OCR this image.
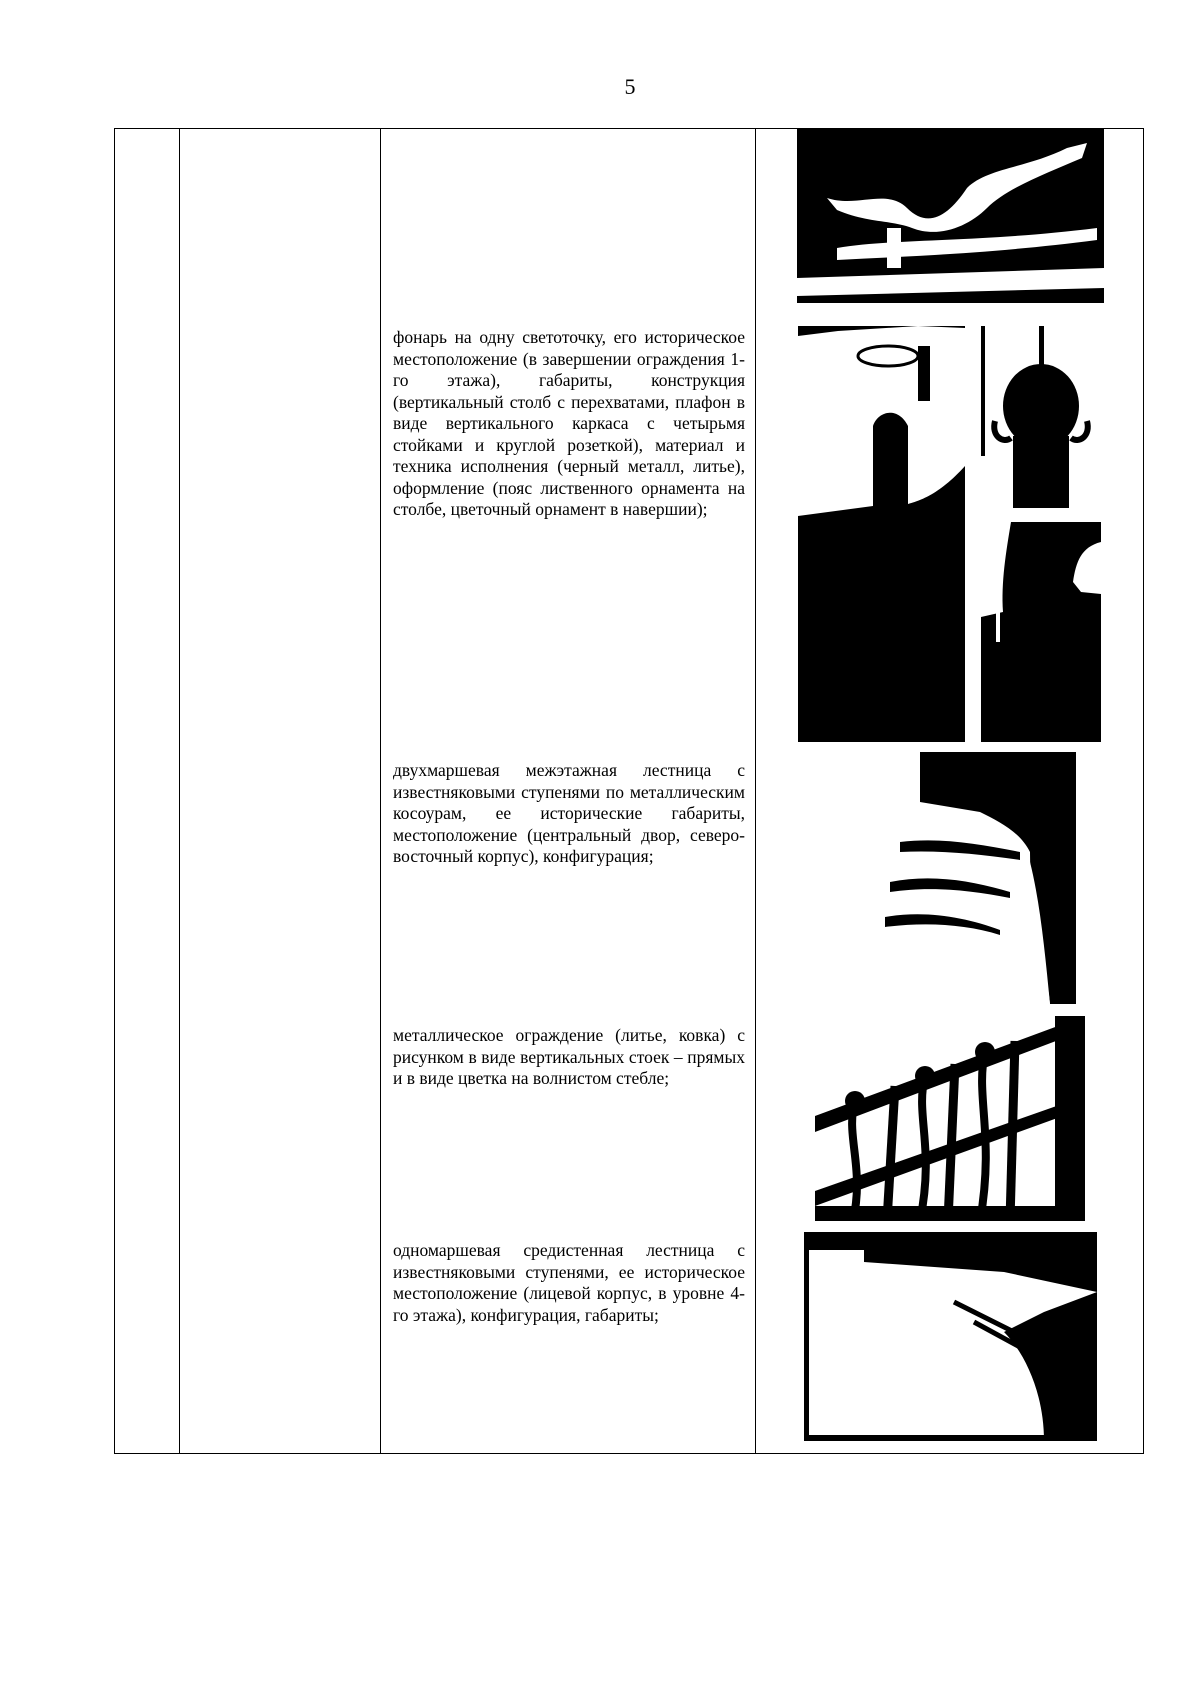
5

фонарь на одну светоточку, его историческое местоположение (в завершении ограждения 1-го этажа), габариты, конструкция (вертикальный столб с перехватами, плафон в виде вертикального каркаса с четырьмя стойками и круглой розеткой), материал и техника исполнения (черный металл, литье), оформление (пояс лиственного орнамента на столбе, цветочный орнамент в навершии);

двухмаршевая межэтажная лестница с известняковыми ступенями по металлическим косоурам, ее исторические габариты, местоположение (центральный двор, северо-восточный корпус), конфигурация;

металлическое ограждение (литье, ковка) с рисунком в виде вертикальных стоек – прямых и в виде цветка на волнистом стебле;

одномаршевая средистенная лестница с известняковыми ступенями, ее историческое местоположение (лицевой корпус, в уровне 4-го этажа), конфигурация, габариты;
